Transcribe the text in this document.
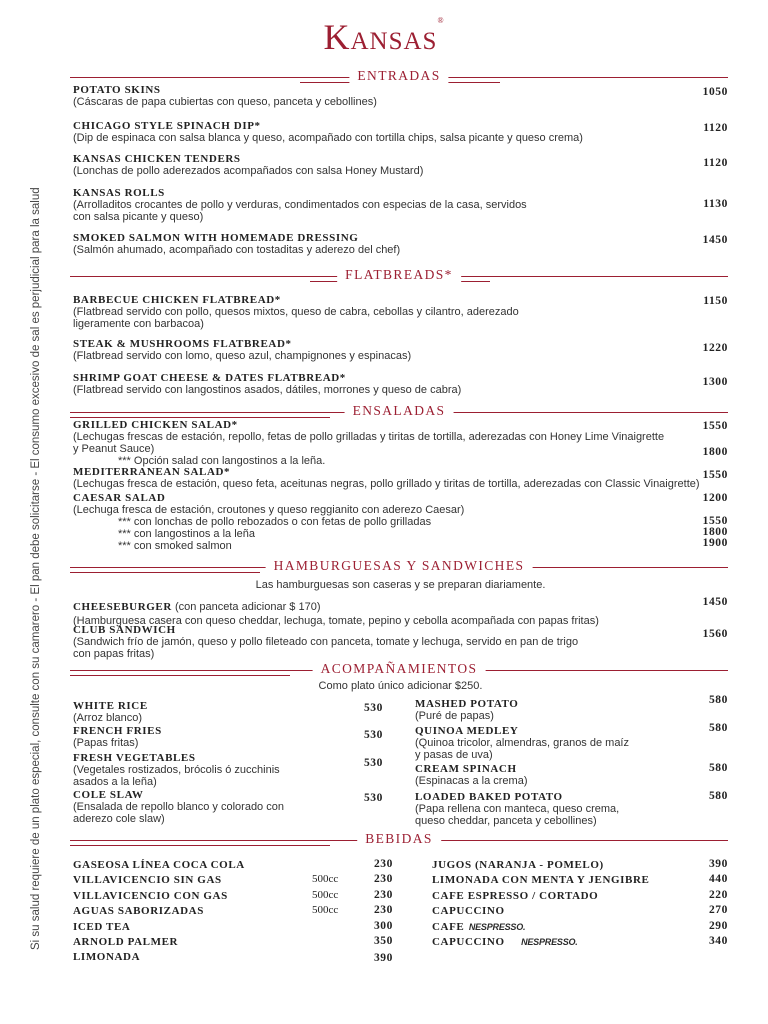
Kansas®
Si su salud requiere de un plato especial, consulte con su camarero - El pan debe solicitarse - El consumo excesivo de sal es perjudicial para la salud
ENTRADAS
POTATO SKINS
(Cáscaras de papa cubiertas con queso, panceta y cebollines)
1050
CHICAGO STYLE SPINACH DIP*
(Dip de espinaca con salsa blanca y queso, acompañado con tortilla chips, salsa picante y queso crema)
1120
KANSAS CHICKEN TENDERS
(Lonchas de pollo aderezados acompañados con salsa Honey Mustard)
1120
KANSAS ROLLS
(Arrolladitos crocantes de pollo y verduras, condimentados con especias de la casa, servidos
con salsa picante y queso)
1130
SMOKED SALMON WITH HOMEMADE DRESSING
(Salmón ahumado, acompañado con tostaditas y aderezo del chef)
1450
FLATBREADS*
BARBECUE CHICKEN FLATBREAD*
(Flatbread servido con pollo, quesos mixtos, queso de cabra, cebollas y cilantro, aderezado
ligeramente con barbacoa)
1150
STEAK & MUSHROOMS FLATBREAD*
(Flatbread servido con lomo, queso azul, champignones y espinacas)
1220
SHRIMP GOAT CHEESE & DATES FLATBREAD*
(Flatbread servido con langostinos asados, dátiles, morrones y queso de cabra)
1300
ENSALADAS
GRILLED CHICKEN SALAD*
(Lechugas frescas de estación, repollo, fetas de pollo grilladas y tiritas de tortilla, aderezadas con Honey Lime Vinaigrette
y Peanut Sauce)
*** Opción salad con langostinos a la leña.
1550
1800
MEDITERRANEAN SALAD*
(Lechugas fresca de estación, queso feta, aceitunas negras, pollo grillado y tiritas de tortilla, aderezadas con Classic Vinaigrette)
1550
CAESAR SALAD
(Lechuga fresca de estación, croutones y queso reggianito con aderezo Caesar)
*** con lonchas de pollo rebozados o con fetas de pollo grilladas
*** con langostinos a la leña
*** con smoked salmon
1200
1550
1800
1900
HAMBURGUESAS Y SANDWICHES
Las hamburguesas son caseras y se preparan diariamente.
CHEESEBURGER (con panceta adicionar $ 170)
(Hamburguesa casera con queso cheddar, lechuga, tomate, pepino y cebolla acompañada con papas fritas)
1450
CLUB SANDWICH
(Sandwich frío de jamón, queso y pollo fileteado con panceta, tomate y lechuga, servido en pan de trigo
con papas fritas)
1560
ACOMPAÑAMIENTOS
Como plato único adicionar $250.
WHITE RICE
(Arroz blanco)
530
FRENCH FRIES
(Papas fritas)
530
FRESH VEGETABLES
(Vegetales rostizados, brócolis ó zucchinis
asados a la leña)
530
COLE SLAW
(Ensalada de repollo blanco y colorado con
aderezo cole slaw)
530
MASHED POTATO
(Puré de papas)
580
QUINOA MEDLEY
(Quinoa tricolor, almendras, granos de maíz
y pasas de uva)
580
CREAM SPINACH
(Espinacas a la crema)
580
LOADED BAKED POTATO
(Papa rellena con manteca, queso crema,
queso cheddar, panceta y cebollines)
580
BEBIDAS
GASEOSA LÍNEA COCA COLA	230
VILLAVICENCIO SIN GAS	500cc	230
VILLAVICENCIO CON GAS	500cc	230
AGUAS SABORIZADAS	500cc	230
ICED TEA	300
ARNOLD PALMER	350
LIMONADA	390
JUGOS (NARANJA - POMELO)	390
LIMONADA CON MENTA Y JENGIBRE	440
CAFE ESPRESSO / CORTADO	220
CAPUCCINO	270
CAFE NESPRESSO.	290
CAPUCCINO NESPRESSO.	340
